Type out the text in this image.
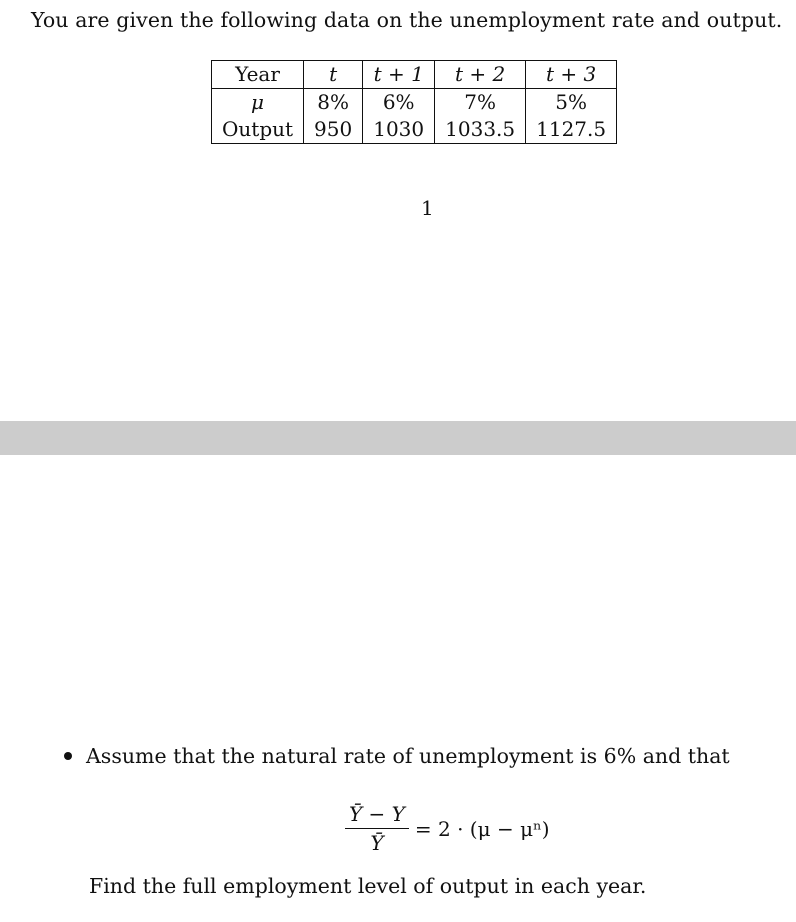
You are given the following data on the unemployment rate and output.
Year	t	t + 1	t + 2	t + 3
μ	8%	6%	7%	5%
Output	950	1030	1033.5	1127.5
1
Assume that the natural rate of unemployment is 6% and that
$\frac{Ȳ - Y}{Ȳ} = 2 \cdot (\mu - \mu^n)$
Find the full employment level of output in each year.
